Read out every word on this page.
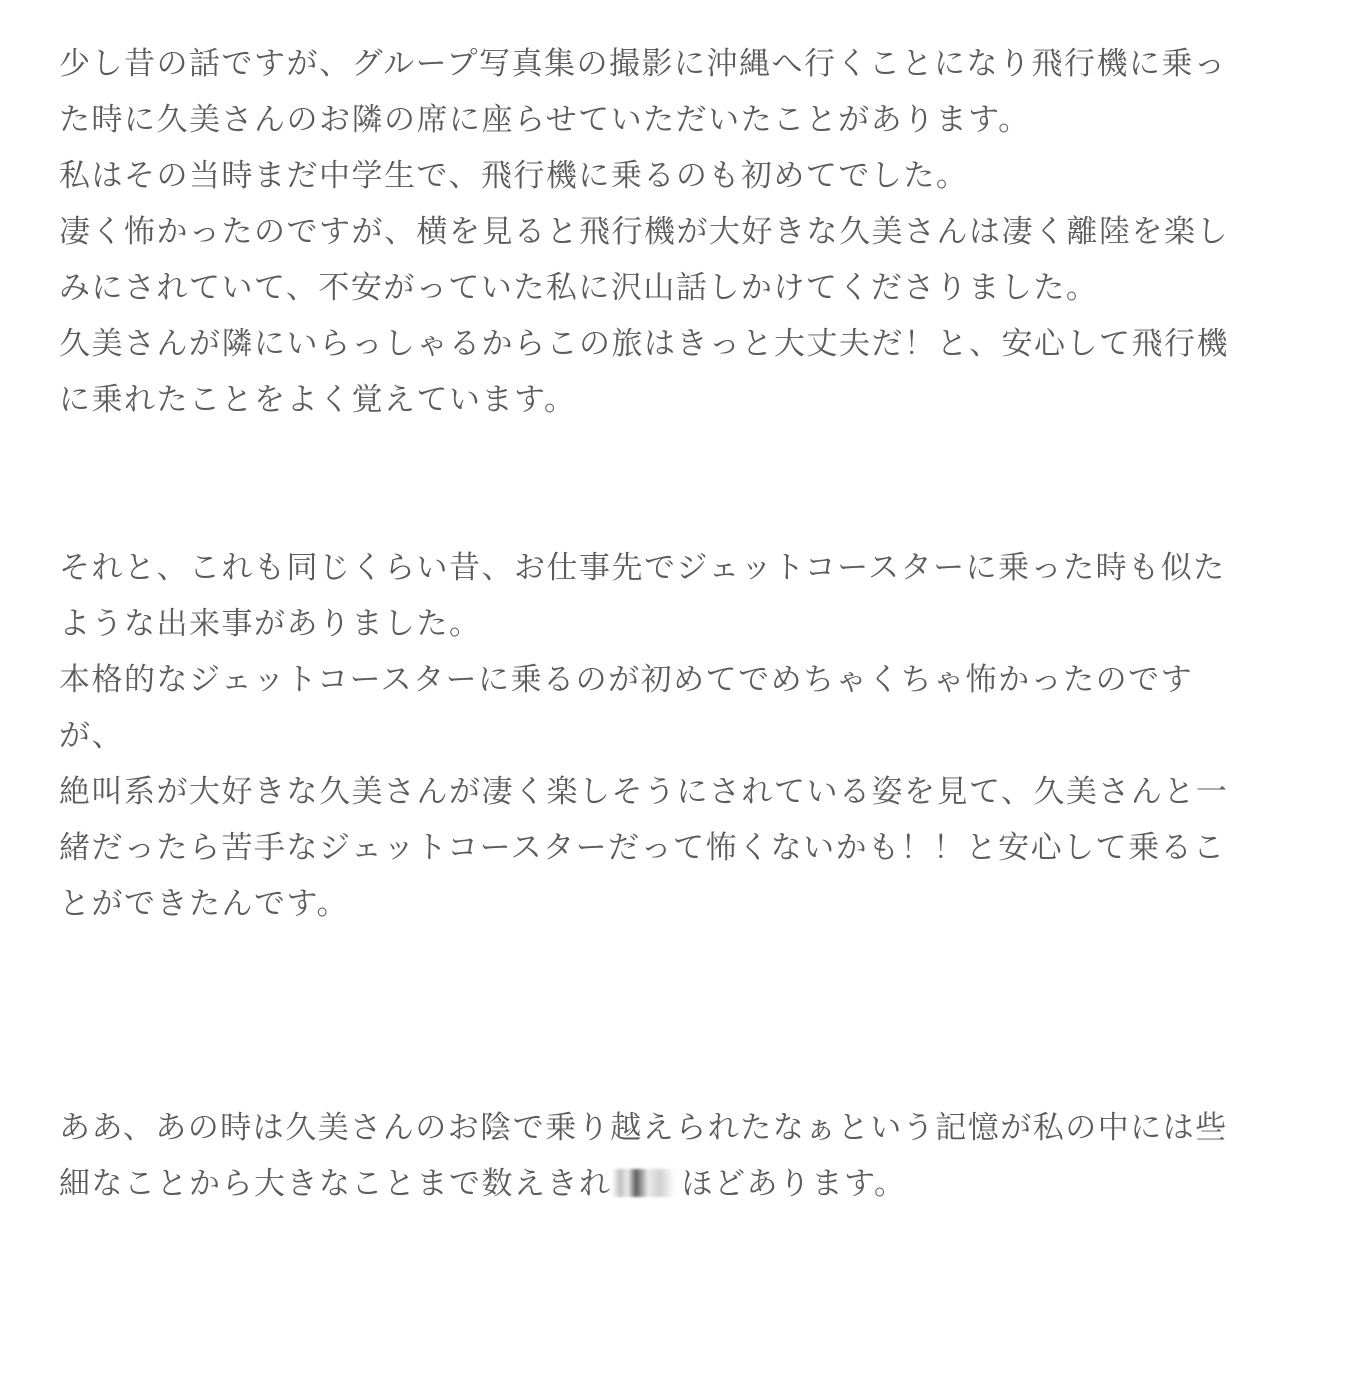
少し昔の話ですが、グループ写真集の撮影に沖縄へ行くことになり飛行機に乗っ
た時に久美さんのお隣の席に座らせていただいたことがあります。
私はその当時まだ中学生で、飛行機に乗るのも初めてでした。
凄く怖かったのですが、横を見ると飛行機が大好きな久美さんは凄く離陸を楽し
みにされていて、不安がっていた私に沢山話しかけてくださりました。
久美さんが隣にいらっしゃるからこの旅はきっと大丈夫だ！と、安心して飛行機
に乗れたことをよく覚えています。
それと、これも同じくらい昔、お仕事先でジェットコースターに乗った時も似た
ような出来事がありました。
本格的なジェットコースターに乗るのが初めてでめちゃくちゃ怖かったのです
が、
絶叫系が大好きな久美さんが凄く楽しそうにされている姿を見て、久美さんと一
緒だったら苦手なジェットコースターだって怖くないかも！！と安心して乗るこ
とができたんです。
ああ、あの時は久美さんのお陰で乗り越えられたなぁという記憶が私の中には些
細なことから大きなことまで数えきれ ほどあります。
